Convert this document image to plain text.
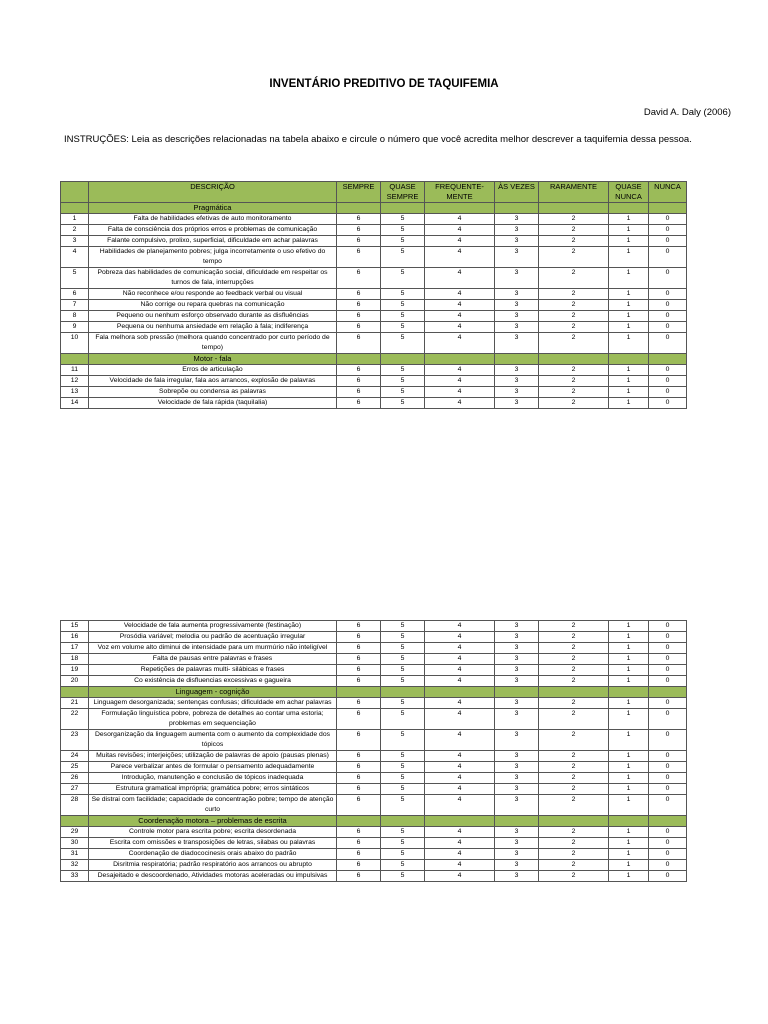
INVENTÁRIO PREDITIVO DE TAQUIFEMIA
David A. Daly (2006)
INSTRUÇÕES: Leia as descrições relacionadas na tabela abaixo e circule o número que você acredita melhor descrever a taquifemia dessa pessoa.
	DESCRIÇÃO	SEMPRE	QUASE SEMPRE	FREQUENTE-MENTE	ÀS VEZES	RARAMENTE	QUASE NUNCA	NUNCA
	Pragmática							
1	Falta de habilidades efetivas de auto monitoramento	6	5	4	3	2	1	0
2	Falta de consciência dos próprios erros e problemas de comunicação	6	5	4	3	2	1	0
3	Falante compulsivo, prolixo, superficial, dificuldade em achar palavras	6	5	4	3	2	1	0
4	Habilidades de planejamento pobres; julga incorretamente o uso efetivo do tempo	6	5	4	3	2	1	0
5	Pobreza das habilidades de comunicação social, dificuldade em respeitar os turnos de fala, interrupções	6	5	4	3	2	1	0
6	Não reconhece e/ou responde ao feedback verbal ou visual	6	5	4	3	2	1	0
7	Não corrige ou repara quebras na comunicação	6	5	4	3	2	1	0
8	Pequeno ou nenhum esforço observado durante as disfluências	6	5	4	3	2	1	0
9	Pequena ou nenhuma ansiedade em relação à fala; indiferença	6	5	4	3	2	1	0
10	Fala melhora sob pressão (melhora quando concentrado por curto período de tempo)	6	5	4	3	2	1	0
	Motor - fala							
11	Erros de articulação	6	5	4	3	2	1	0
12	Velocidade de fala irregular, fala aos arrancos, explosão de palavras	6	5	4	3	2	1	0
13	Sobrepõe ou condensa as palavras	6	5	4	3	2	1	0
14	Velocidade de fala rápida (taquilalia)	6	5	4	3	2	1	0
15	Velocidade de fala aumenta progressivamente (festinação)	6	5	4	3	2	1	0
16	Prosódia variável; melodia ou padrão de acentuação irregular	6	5	4	3	2	1	0
17	Voz em volume alto diminui de intensidade para um murmúrio não inteligível	6	5	4	3	2	1	0
18	Falta de pausas entre palavras e frases	6	5	4	3	2	1	0
19	Repetições de palavras multi- silábicas e frases	6	5	4	3	2	1	0
20	Co existência de disfluencias excessivas e gagueira	6	5	4	3	2	1	0
	Linguagem - cognição							
21	Linguagem desorganizada; sentenças confusas; dificuldade em achar palavras	6	5	4	3	2	1	0
22	Formulação linguística pobre, pobreza de detalhes ao contar uma estoria; problemas em sequenciação	6	5	4	3	2	1	0
23	Desorganização da linguagem aumenta com o aumento da complexidade dos tópicos	6	5	4	3	2	1	0
24	Muitas revisões; interjeições; utilização de palavras de apoio (pausas plenas)	6	5	4	3	2	1	0
25	Parece verbalizar antes de formular o pensamento adequadamente	6	5	4	3	2	1	0
26	Introdução, manutenção e conclusão de tópicos inadequada	6	5	4	3	2	1	0
27	Estrutura gramatical imprópria; gramática pobre; erros sintáticos	6	5	4	3	2	1	0
28	Se distrai com facilidade; capacidade de concentração pobre; tempo de atenção curto	6	5	4	3	2	1	0
	Coordenação motora – problemas de escrita							
29	Controle motor para escrita pobre; escrita desordenada	6	5	4	3	2	1	0
30	Escrita com omissões e transposições de letras, silabas ou palavras	6	5	4	3	2	1	0
31	Coordenação de diadococinesis orais abaixo do padrão	6	5	4	3	2	1	0
32	Disritmia respiratória; padrão respiratório aos arrancos ou abrupto	6	5	4	3	2	1	0
33	Desajeitado e descoordenado, Atividades motoras aceleradas ou impulsivas	6	5	4	3	2	1	0
